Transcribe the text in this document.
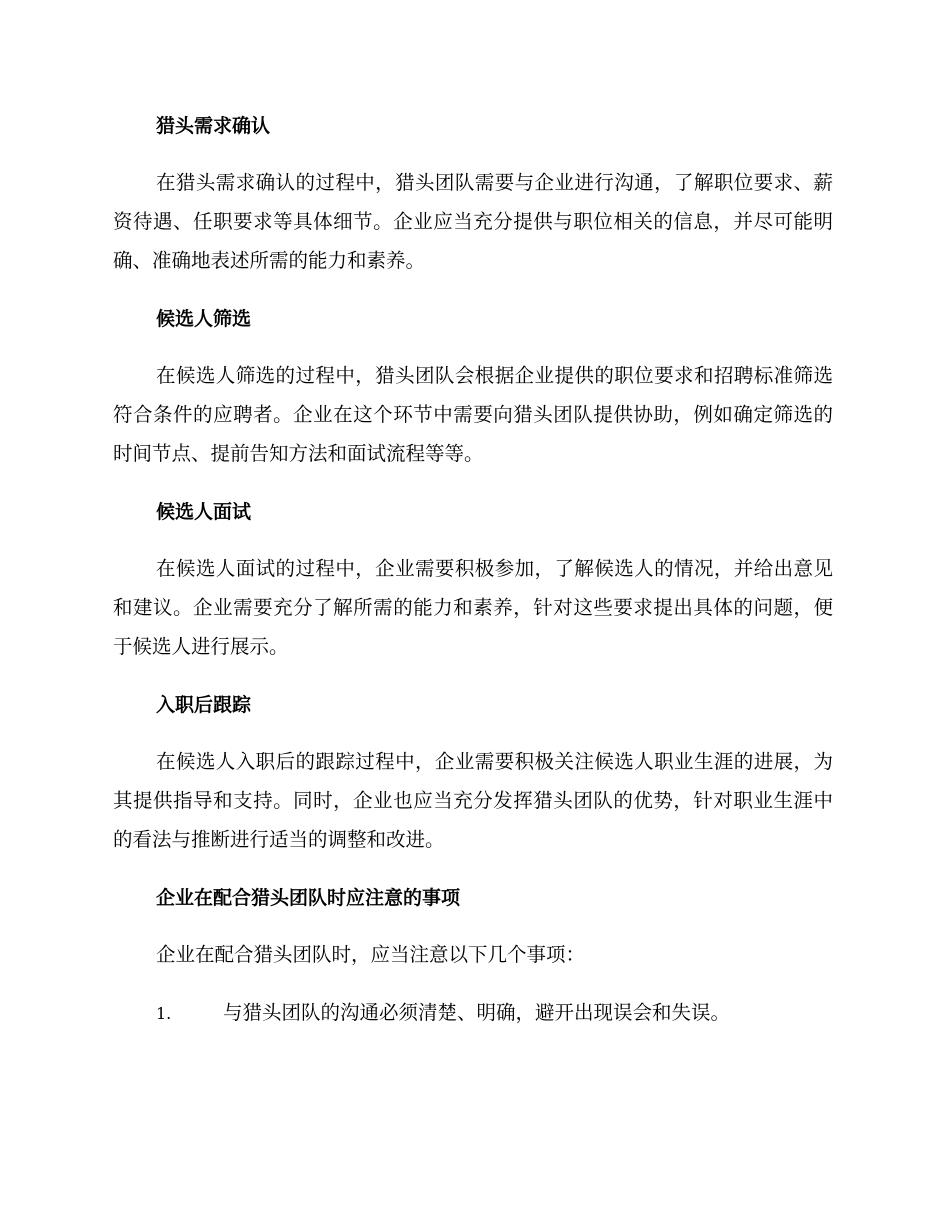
猎头需求确认

在猎头需求确认的过程中，猎头团队需要与企业进行沟通，了解职位要求、薪资待遇、任职要求等具体细节。企业应当充分提供与职位相关的信息，并尽可能明确、准确地表述所需的能力和素养。

候选人筛选

在候选人筛选的过程中，猎头团队会根据企业提供的职位要求和招聘标准筛选符合条件的应聘者。企业在这个环节中需要向猎头团队提供协助，例如确定筛选的时间节点、提前告知方法和面试流程等等。

候选人面试

在候选人面试的过程中，企业需要积极参加，了解候选人的情况，并给出意见和建议。企业需要充分了解所需的能力和素养，针对这些要求提出具体的问题，便于候选人进行展示。

入职后跟踪

在候选人入职后的跟踪过程中，企业需要积极关注候选人职业生涯的进展，为其提供指导和支持。同时，企业也应当充分发挥猎头团队的优势，针对职业生涯中的看法与推断进行适当的调整和改进。

企业在配合猎头团队时应注意的事项

企业在配合猎头团队时，应当注意以下几个事项：

1.	与猎头团队的沟通必须清楚、明确，避开出现误会和失误。
